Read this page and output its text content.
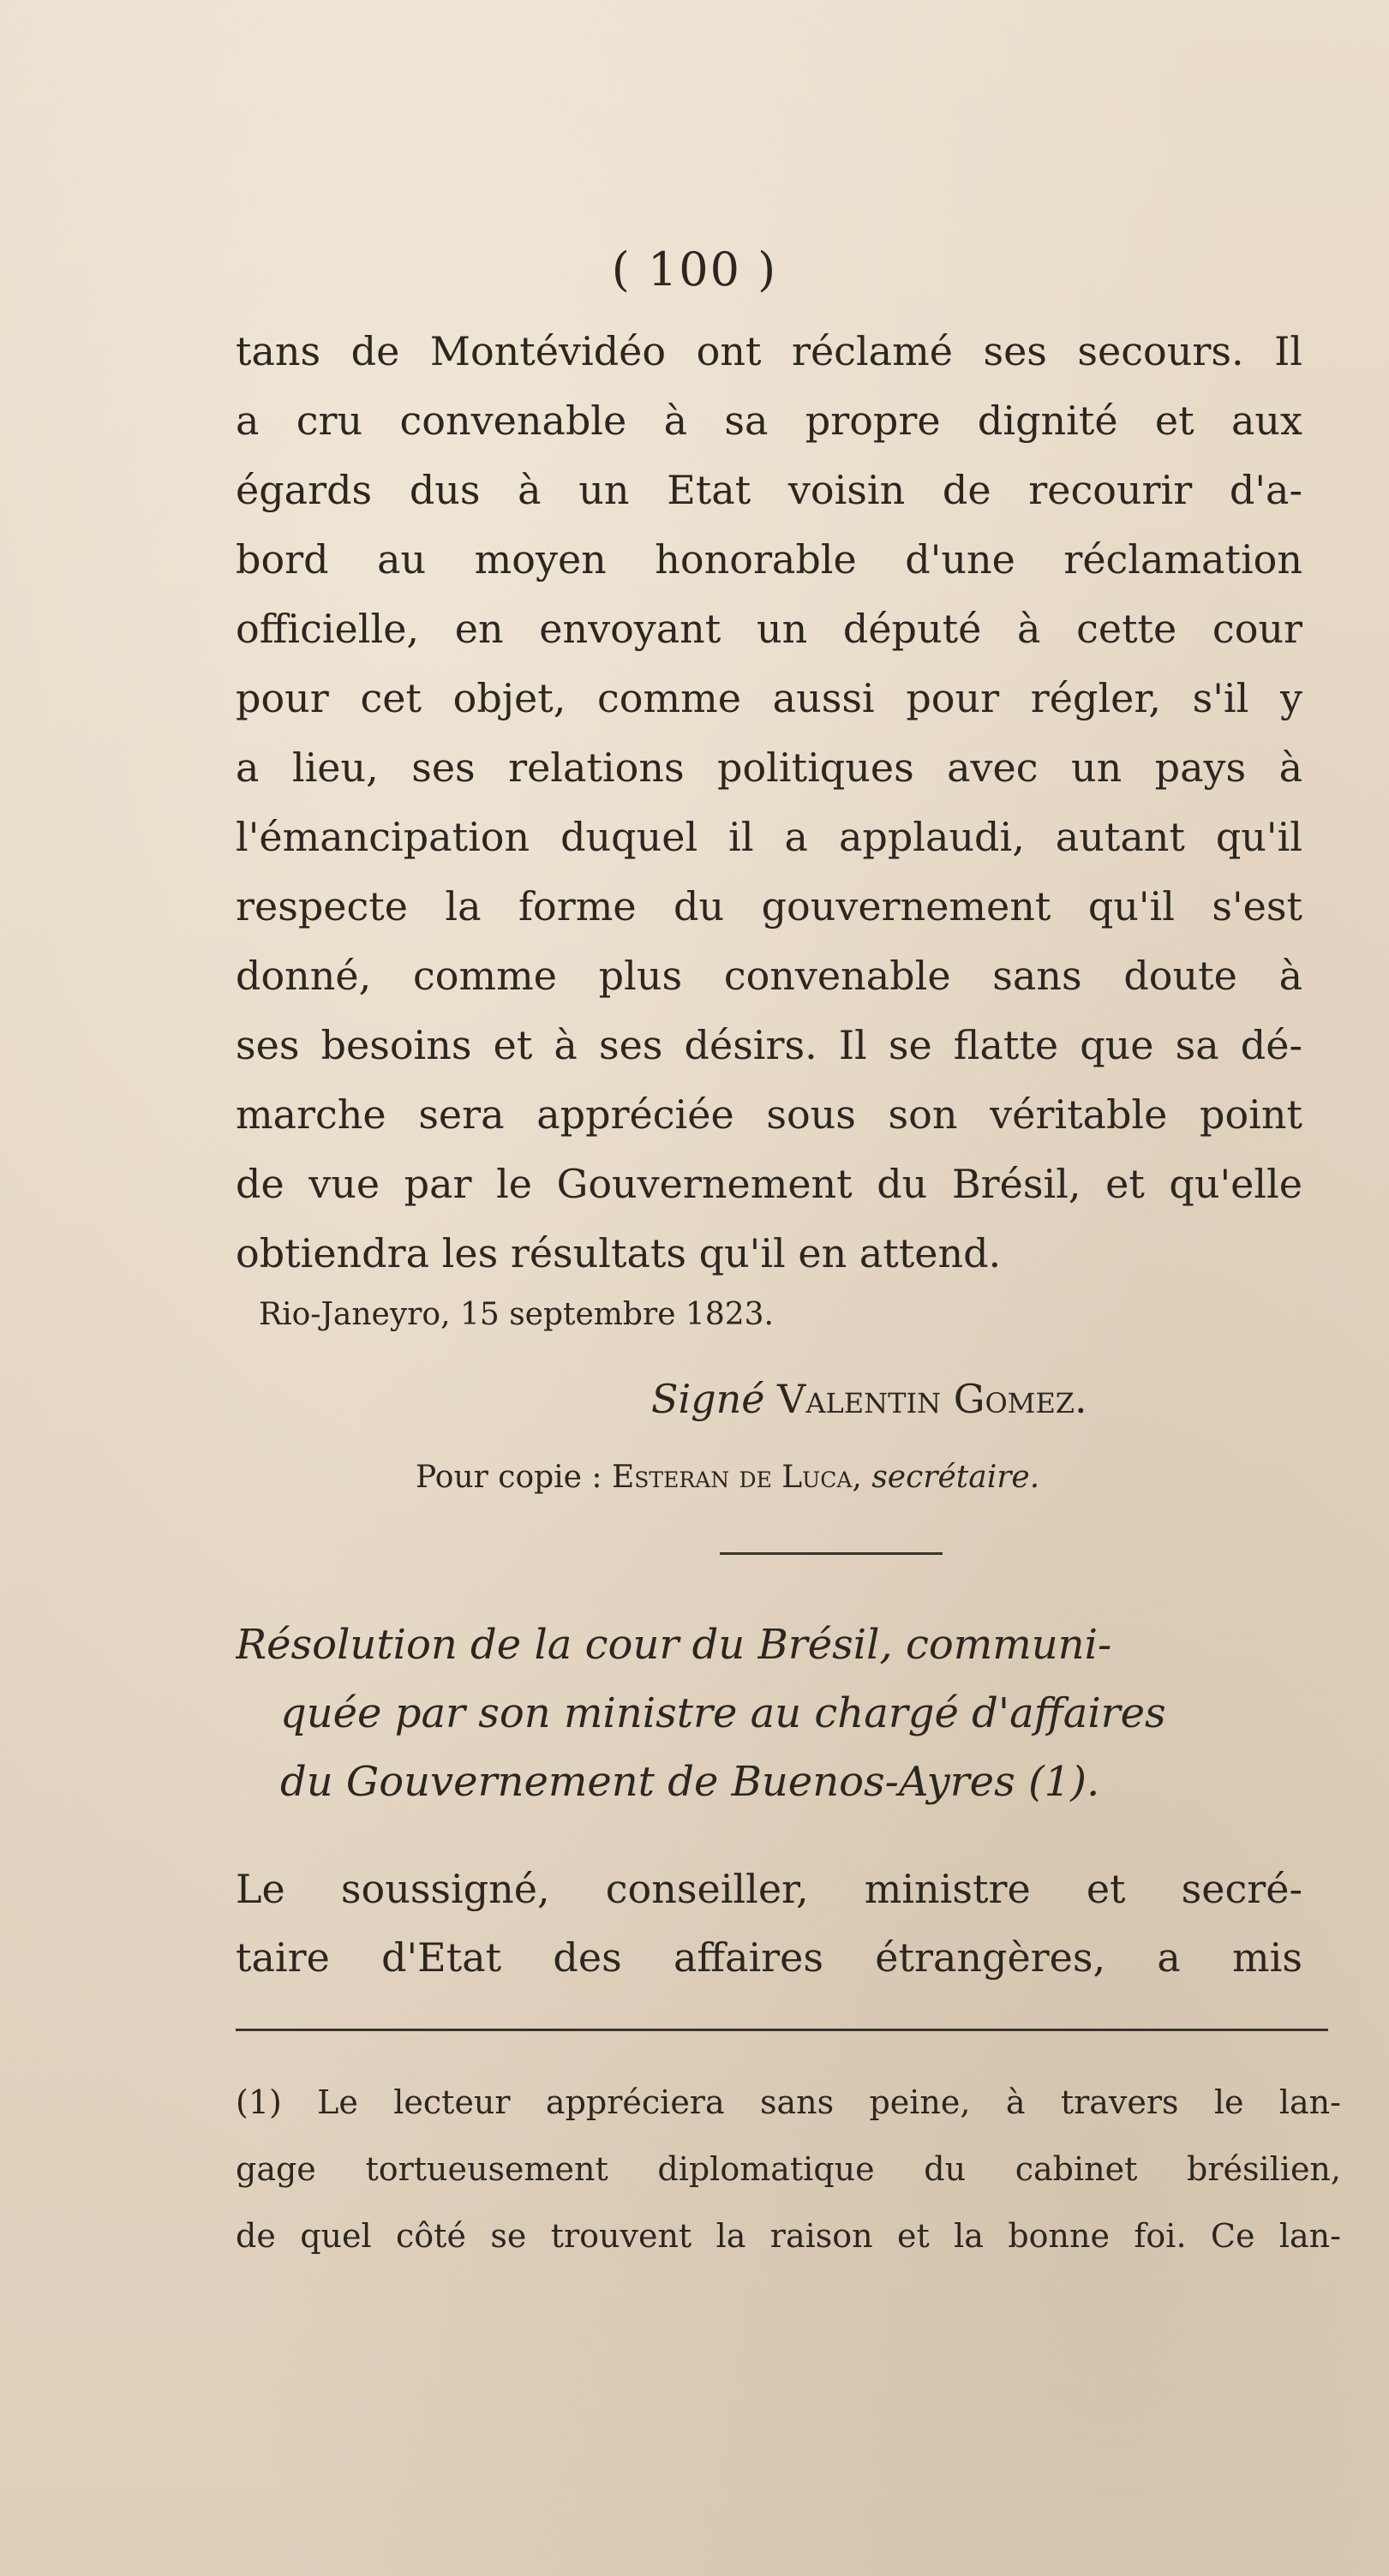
( 100 )
tans de Montévidéo ont réclamé ses secours. Il
a cru convenable à sa propre dignité et aux
égards dus à un Etat voisin de recourir d'a-
bord au moyen honorable d'une réclamation
officielle, en envoyant un député à cette cour
pour cet objet, comme aussi pour régler, s'il y
a lieu, ses relations politiques avec un pays à
l'émancipation duquel il a applaudi, autant qu'il
respecte la forme du gouvernement qu'il s'est
donné, comme plus convenable sans doute à
ses besoins et à ses désirs. Il se flatte que sa dé-
marche sera appréciée sous son véritable point
de vue par le Gouvernement du Brésil, et qu'elle
obtiendra les résultats qu'il en attend.
Rio-Janeyro, 15 septembre 1823.
Signé Valentin Gomez.
Pour copie : Esteran de Luca, secrétaire.
Résolution de la cour du Brésil, communi-
quée par son ministre au chargé d'affaires
du Gouvernement de Buenos-Ayres (1).
Le soussigné, conseiller, ministre et secré-
taire d'Etat des affaires étrangères, a mis
(1) Le lecteur appréciera sans peine, à travers le lan-
gage tortueusement diplomatique du cabinet brésilien,
de quel côté se trouvent la raison et la bonne foi. Ce lan-
